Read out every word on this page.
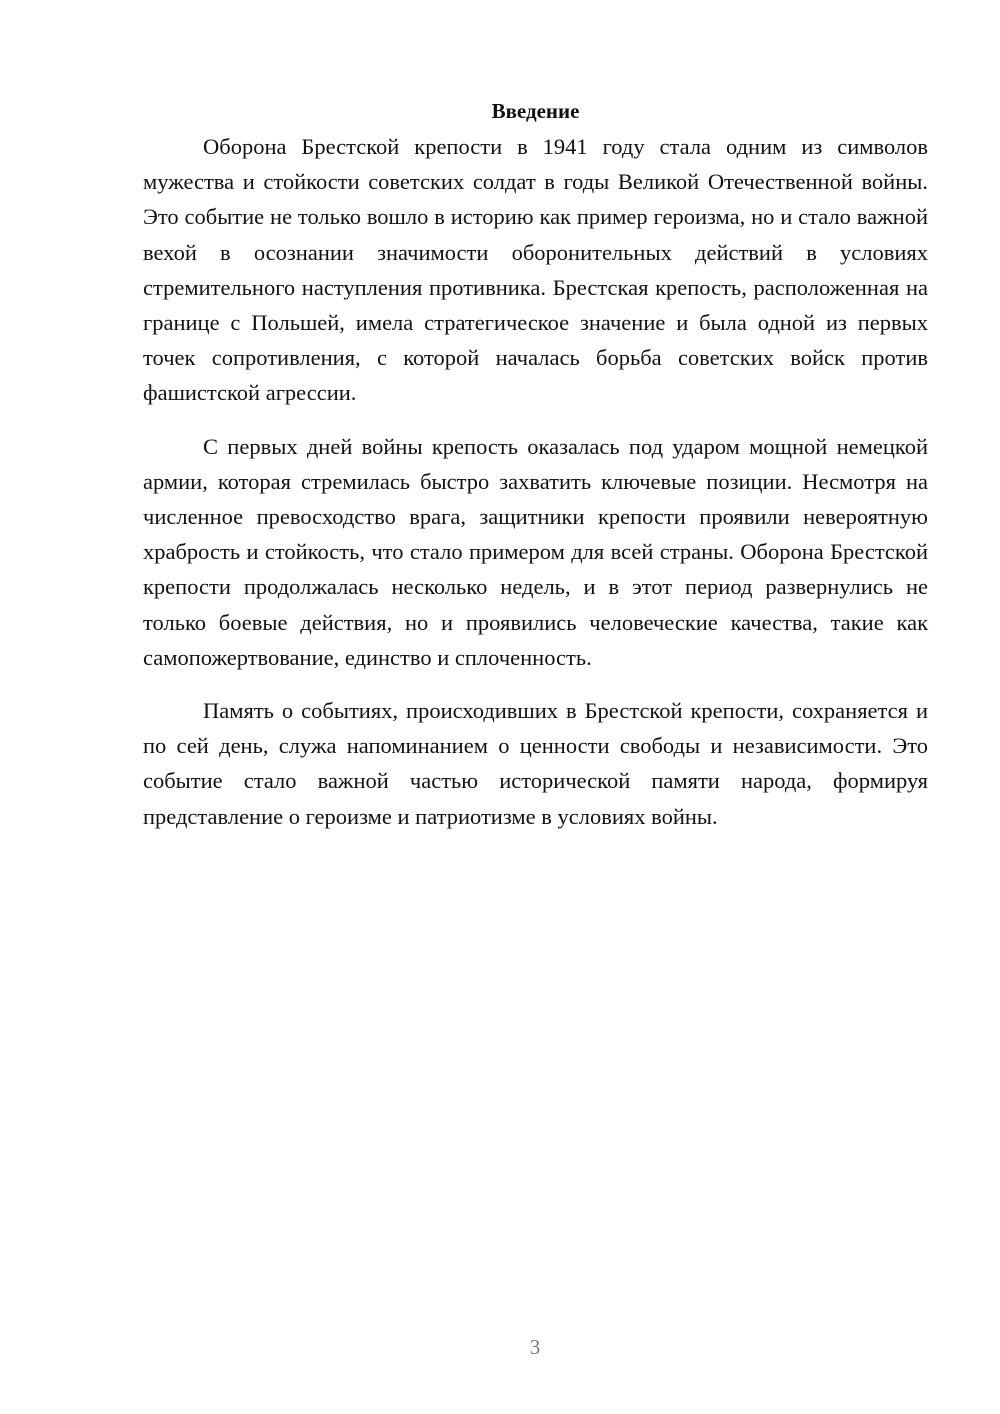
Введение

Оборона Брестской крепости в 1941 году стала одним из символов мужества и стойкости советских солдат в годы Великой Отечественной войны. Это событие не только вошло в историю как пример героизма, но и стало важной вехой в осознании значимости оборонительных действий в условиях стремительного наступления противника. Брестская крепость, расположенная на границе с Польшей, имела стратегическое значение и была одной из первых точек сопротивления, с которой началась борьба советских войск против фашистской агрессии.

С первых дней войны крепость оказалась под ударом мощной немецкой армии, которая стремилась быстро захватить ключевые позиции. Несмотря на численное превосходство врага, защитники крепости проявили невероятную храбрость и стойкость, что стало примером для всей страны. Оборона Брестской крепости продолжалась несколько недель, и в этот период развернулись не только боевые действия, но и проявились человеческие качества, такие как самопожертвование, единство и сплоченность.

Память о событиях, происходивших в Брестской крепости, сохраняется и по сей день, служа напоминанием о ценности свободы и независимости. Это событие стало важной частью исторической памяти народа, формируя представление о героизме и патриотизме в условиях войны.

3
